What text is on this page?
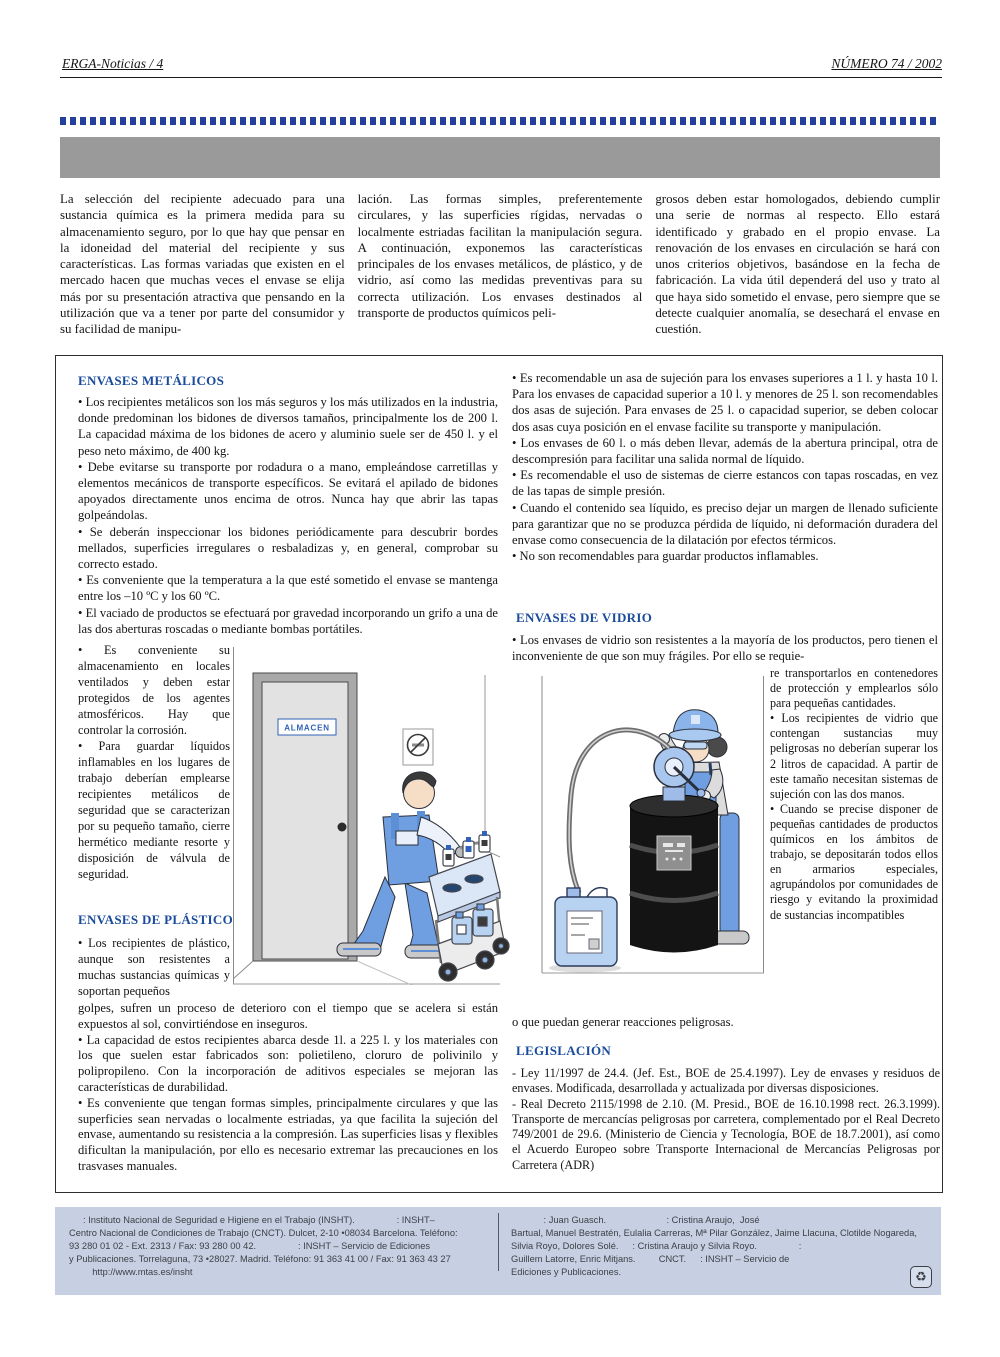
ERGA-Noticias / 4	NÚMERO 74 / 2002
La selección del recipiente adecuado para una sustancia química es la primera medida para su almacenamiento seguro, por lo que hay que pensar en la idoneidad del material del recipiente y sus características. Las formas variadas que existen en el mercado hacen que muchas veces el envase se elija más por su presentación atractiva que pensando en la utilización que va a tener por parte del consumidor y su facilidad de manipu-
lación. Las formas simples, preferentemente circulares, y las superficies rígidas, nervadas o localmente estriadas facilitan la manipulación segura. A continuación, exponemos las características principales de los envases metálicos, de plástico, y de vidrio, así como las medidas preventivas para su correcta utilización. Los envases destinados al transporte de productos químicos peli-
grosos deben estar homologados, debiendo cumplir una serie de normas al respecto. Ello estará identificado y grabado en el propio envase. La renovación de los envases en circulación se hará con unos criterios objetivos, basándose en la fecha de fabricación. La vida útil dependerá del uso y trato al que haya sido sometido el envase, pero siempre que se detecte cualquier anomalía, se desechará el envase en cuestión.
ENVASES METÁLICOS

• Los recipientes metálicos son los más seguros y los más utilizados en la industria, donde predominan los bidones de diversos tamaños, principalmente los de 200 l. La capacidad máxima de los bidones de acero y aluminio suele ser de 450 l. y el peso neto máximo, de 400 kg.

• Debe evitarse su transporte por rodadura o a mano, empleándose carretillas y elementos mecánicos de transporte específicos. Se evitará el apilado de bidones apoyados directamente unos encima de otros. Nunca hay que abrir las tapas golpeándolas.

• Se deberán inspeccionar los bidones periódicamente para descubrir bordes mellados, superficies irregulares o resbaladizas y, en general, comprobar su correcto estado.

• Es conveniente que la temperatura a la que esté sometido el envase se mantenga entre los –10 ºC y los 60 ºC.

• El vaciado de productos se efectuará por gravedad incorporando un grifo a una de las dos aberturas roscadas o mediante bombas portátiles.

• Es conveniente su almacenamiento en locales ventilados y deben estar protegidos de los agentes atmosféricos. Hay que controlar la corrosión.

• Para guardar líquidos inflamables en los lugares de trabajo deberían emplearse recipientes metálicos de seguridad que se caracterizan por su pequeño tamaño, cierre hermético mediante resorte y disposición de válvula de seguridad.

ENVASES DE PLÁSTICO

• Los recipientes de plástico, aunque son resistentes a muchas sustancias químicas y soportan pequeños

golpes, sufren un proceso de deterioro con el tiempo que se acelera si están expuestos al sol, convirtiéndose en inseguros.

• La capacidad de estos recipientes abarca desde 1l. a 225 l. y los materiales con los que suelen estar fabricados son: polietileno, cloruro de polivinilo y polipropileno. Con la incorporación de aditivos especiales se mejoran las características de durabilidad.

• Es conveniente que tengan formas simples, principalmente circulares y que las superficies sean nervadas o localmente estriadas, ya que facilita la sujeción del envase, aumentando su resistencia a la compresión. Las superficies lisas y flexibles dificultan la manipulación, por ello es necesario extremar las precauciones en los trasvases manuales.

• Es recomendable un asa de sujeción para los envases superiores a 1 l. y hasta 10 l. Para los envases de capacidad superior a 10 l. y menores de 25 l. son recomendables dos asas de sujeción. Para envases de 25 l. o capacidad superior, se deben colocar dos asas cuya posición en el envase facilite su transporte y manipulación.

• Los envases de 60 l. o más deben llevar, además de la abertura principal, otra de descompresión para facilitar una salida normal de líquido.

• Es recomendable el uso de sistemas de cierre estancos con tapas roscadas, en vez de las tapas de simple presión.

• Cuando el contenido sea líquido, es preciso dejar un margen de llenado suficiente para garantizar que no se produzca pérdida de líquido, ni deformación duradera del envase como consecuencia de la dilatación por efectos térmicos.

• No son recomendables para guardar productos inflamables.

ENVASES DE VIDRIO

• Los envases de vidrio son resistentes a la mayoría de los productos, pero tienen el inconveniente de que son muy frágiles. Por ello se requie-

re transportarlos en contenedores de protección y emplearlos sólo para pequeñas cantidades.

• Los recipientes de vidrio que contengan sustancias muy peligrosas no deberían superar los 2 litros de capacidad. A partir de este tamaño necesitan sistemas de sujeción con las dos manos.

• Cuando se precise disponer de pequeñas cantidades de productos químicos en los ámbitos de trabajo, se depositarán todos ellos en armarios especiales, agrupándolos por comunidades de riesgo y evitando la proximidad de sustancias incompatibles

o que puedan generar reacciones peligrosas.
LEGISLACIÓN

- Ley 11/1997 de 24.4. (Jef. Est., BOE de 25.4.1997). Ley de envases y residuos de envases. Modificada, desarrollada y actualizada por diversas disposiciones.

- Real Decreto 2115/1998 de 2.10. (M. Presid., BOE de 16.10.1998 rect. 26.3.1999). Transporte de mercancías peligrosas por carretera, complementado por el Real Decreto 749/2001 de 29.6. (Ministerio de Ciencia y Tecnología, BOE de 18.7.2001), así como el Acuerdo Europeo sobre Transporte Internacional de Mercancías Peligrosas por Carretera (ADR)

ALMACEN

  : Instituto Nacional de Seguridad e Higiene en el Trabajo (INSHT).     : INSHT–

Centro Nacional de Condiciones de Trabajo (CNCT). Dulcet, 2-10 •08034 Barcelona. Teléfono:

93 280 01 02 - Ext. 2313 / Fax: 93 280 00 42.     : INSHT – Servicio de Ediciones

y Publicaciones. Torrelaguna, 73 •28027. Madrid. Teléfono: 91 363 41 00 / Fax: 91 363 43 27

   http://www.mtas.es/insht

    : Juan Guasch.       : Cristina Araujo,  José

Bartual, Manuel Bestratén, Eulalia Carreras, Mª Pilar González, Jaime Llacuna, Clotilde Nogareda,

Silvia Royo, Dolores Solé.  : Cristina Araujo y Silvia Royo.     :

Guillem Latorre, Enric Mitjans.   CNCT.  : INSHT – Servicio de

Ediciones y Publicaciones.	♻
